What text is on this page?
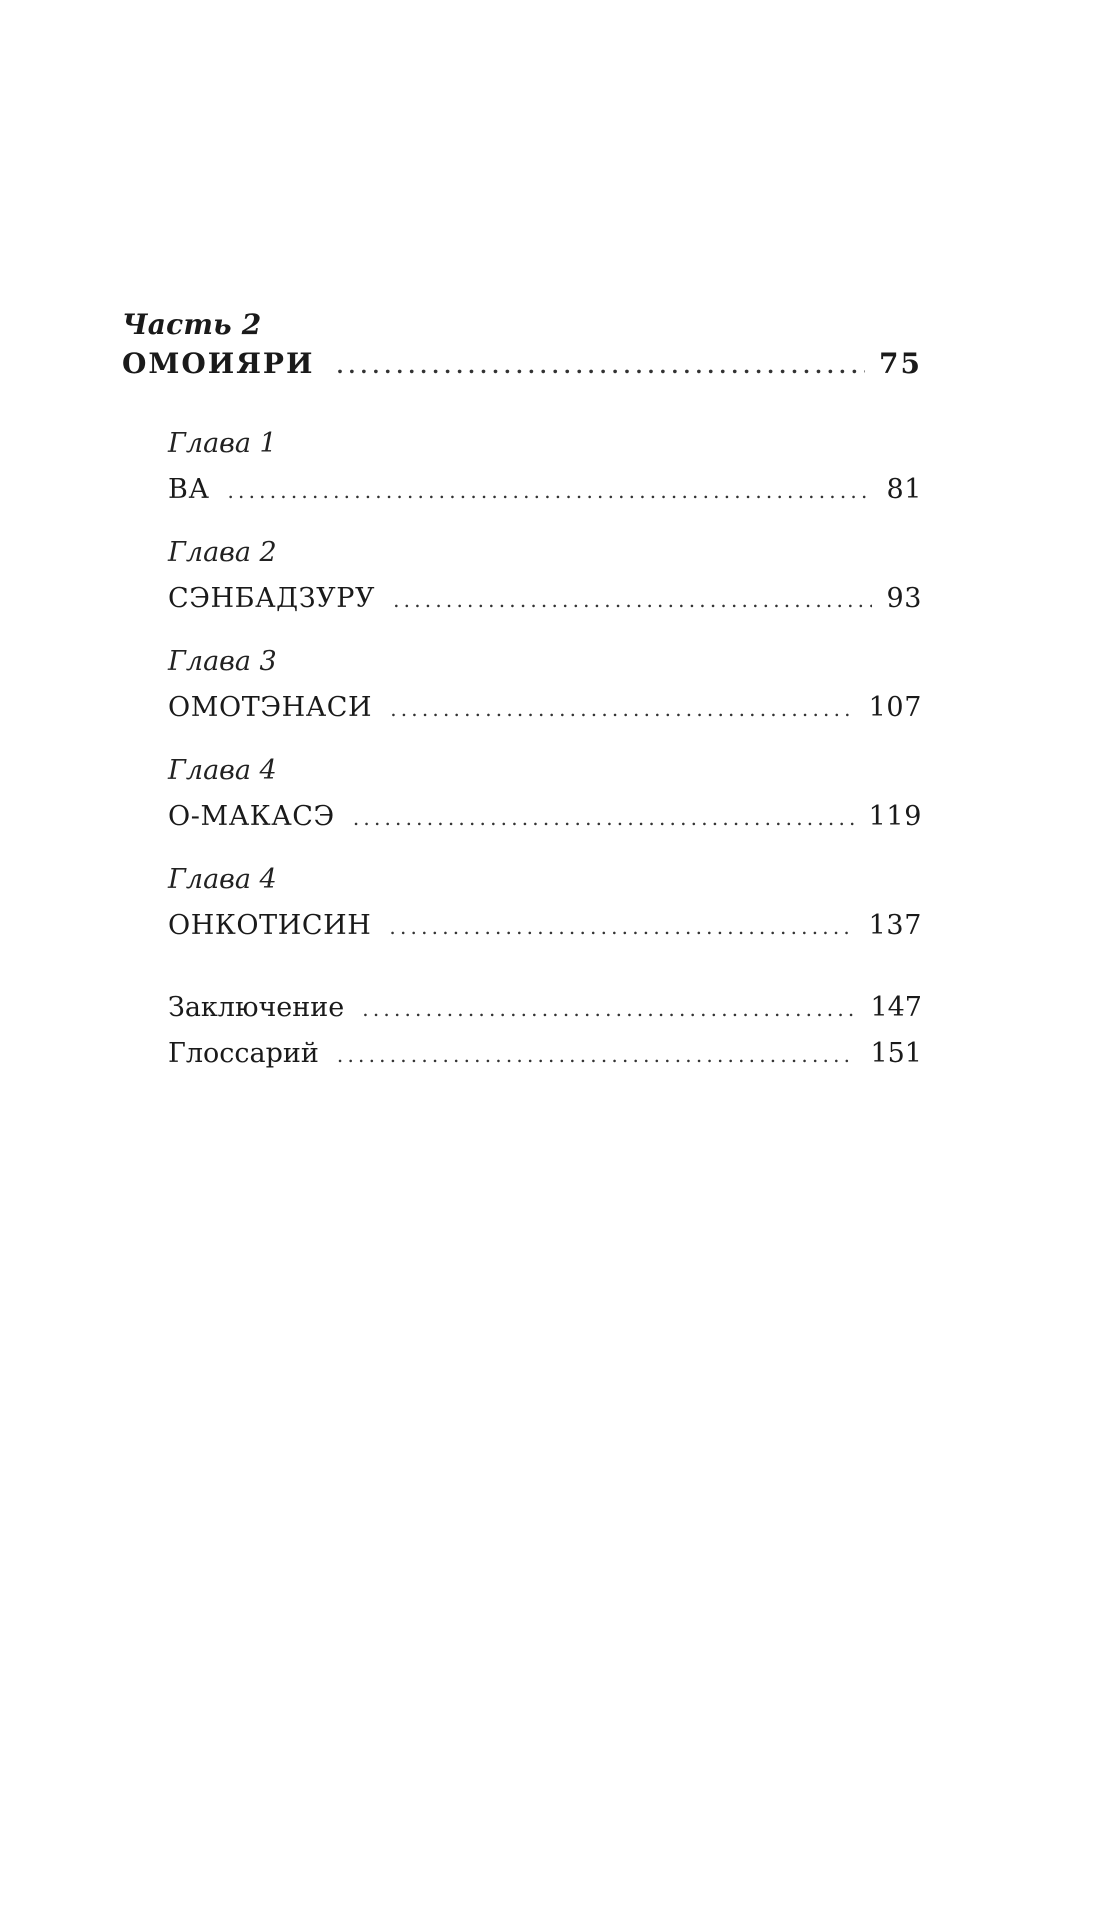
Часть 2
ОМОИЯРИ .....	75
Глава 1
ВА .....	81
Глава 2
СЭНБАДЗУРУ .....	93
Глава 3
ОМОТЭНАСИ .....	107
Глава 4
О-МАКАСЭ .....	119
Глава 4
ОНКОТИСИН .....	137
Заключение .....	147
Глоссарий .....	151
